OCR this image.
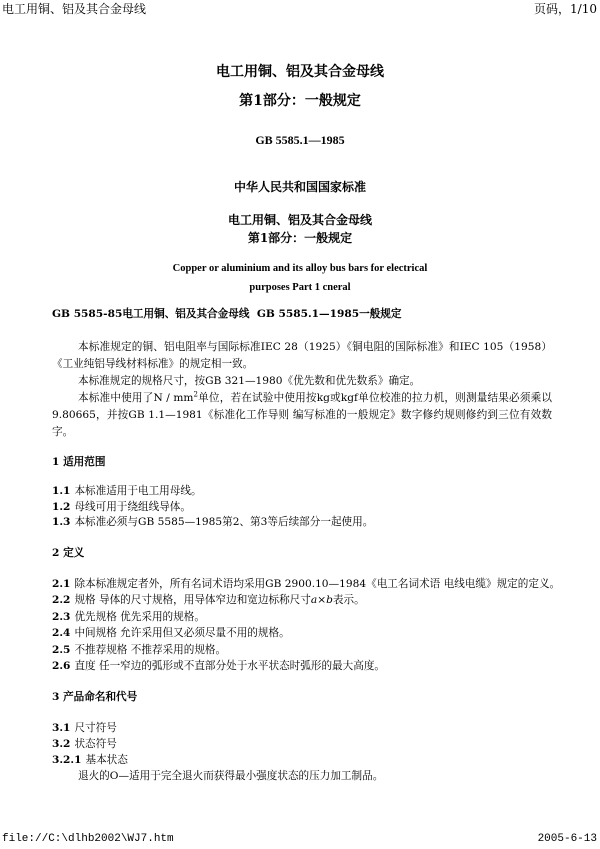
电工用铜、铝及其合金母线	页码，1/10
电工用铜、铝及其合金母线
第1部分：一般规定
GB 5585.1—1985
中华人民共和国国家标准
电工用铜、铝及其合金母线
第1部分：一般规定
Copper or aluminium and its alloy bus bars for electrical
purposes Part 1 cneral
GB 5585-85电工用铜、铝及其合金母线  GB 5585.1—1985一般规定

本标准规定的铜、铝电阻率与国际标准IEC 28（1925）《铜电阻的国际标准》和IEC 105（1958）《工业纯铝导线材料标准》的规定相一致。

本标准规定的规格尺寸，按GB 321—1980《优先数和优先数系》确定。

本标准中使用了N / $mm^2$单位，若在试验中使用按kg或kgf单位校准的拉力机，则测量结果必须乘以9.80665，并按GB 1.1—1981《标准化工作导则 编写标准的一般规定》数字修约规则修约到三位有效数字。

1 适用范围
1.1 本标准适用于电工用母线。
1.2 母线可用于绕组线导体。
1.3 本标准必须与GB 5585—1985第2、第3等后续部分一起使用。
2 定义
2.1 除本标准规定者外，所有名词术语均采用GB 2900.10—1984《电工名词术语 电线电缆》规定的定义。
2.2 规格 导体的尺寸规格，用导体窄边和宽边标称尺寸a×b表示。
2.3 优先规格 优先采用的规格。
2.4 中间规格 允许采用但又必须尽量不用的规格。
2.5 不推荐规格 不推荐采用的规格。
2.6 直度 任一窄边的弧形或不直部分处于水平状态时弧形的最大高度。
3 产品命名和代号
3.1 尺寸符号
3.2 状态符号
3.2.1 基本状态
退火的O—适用于完全退火而获得最小强度状态的压力加工制品。
file://C:\dlhb2002\WJ7.htm	2005-6-13
